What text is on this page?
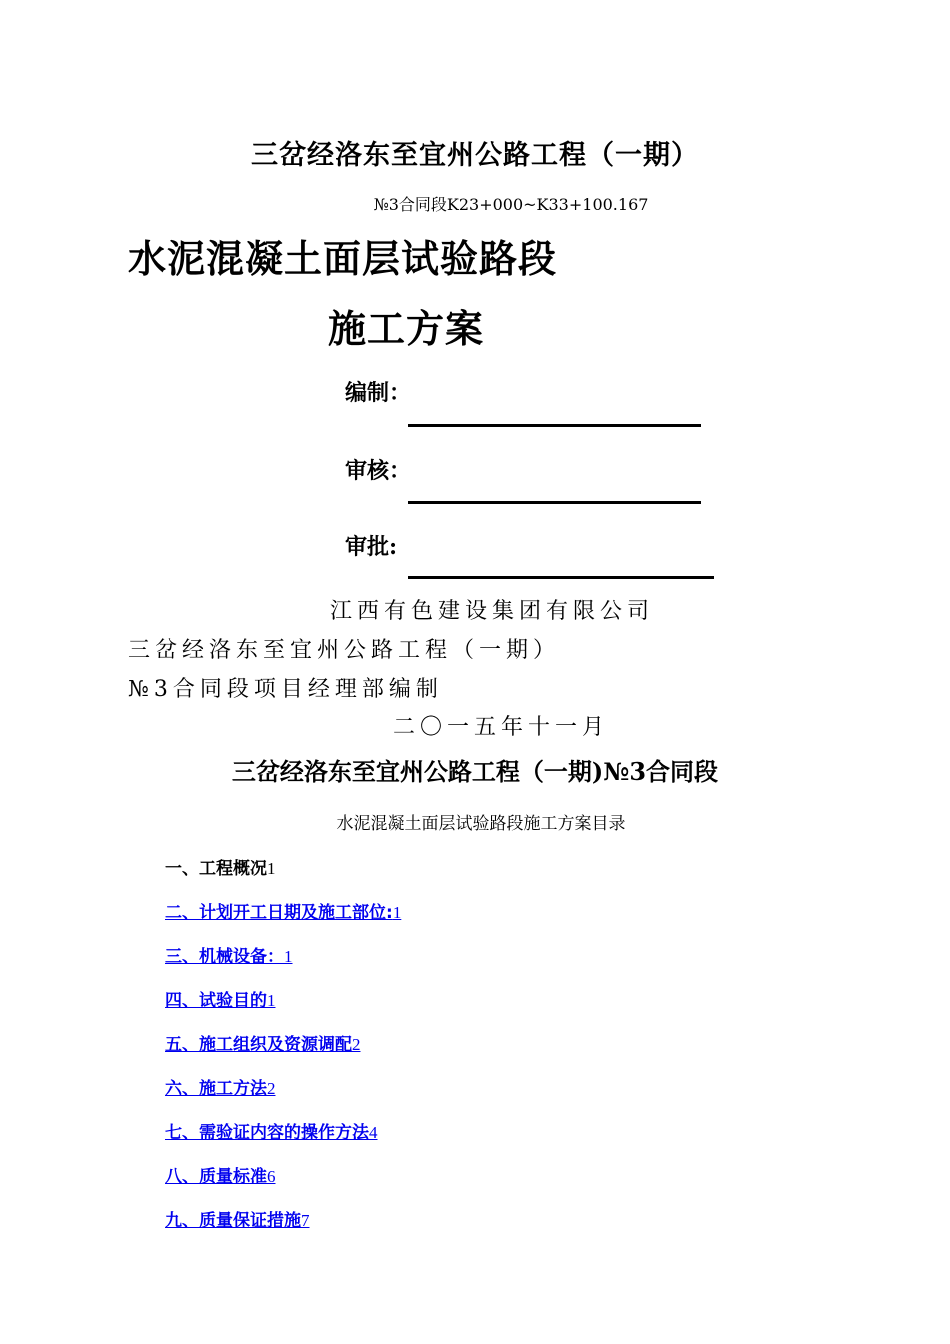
三岔经洛东至宜州公路工程（一期）
№3合同段K23+000~K33+100.167
水泥混凝土面层试验路段
施工方案
编制：
审核：
审批:
江西有色建设集团有限公司
三岔经洛东至宜州公路工程（一期）
№3合同段项目经理部编制
二〇一五年十一月
三岔经洛东至宜州公路工程（一期)№3合同段
水泥混凝土面层试验路段施工方案目录
一、工程概况1
二、计划开工日期及施工部位:1
三、机械设备：1
四、试验目的1
五、施工组织及资源调配2
六、施工方法2
七、需验证内容的操作方法4
八、质量标准6
九、质量保证措施7
